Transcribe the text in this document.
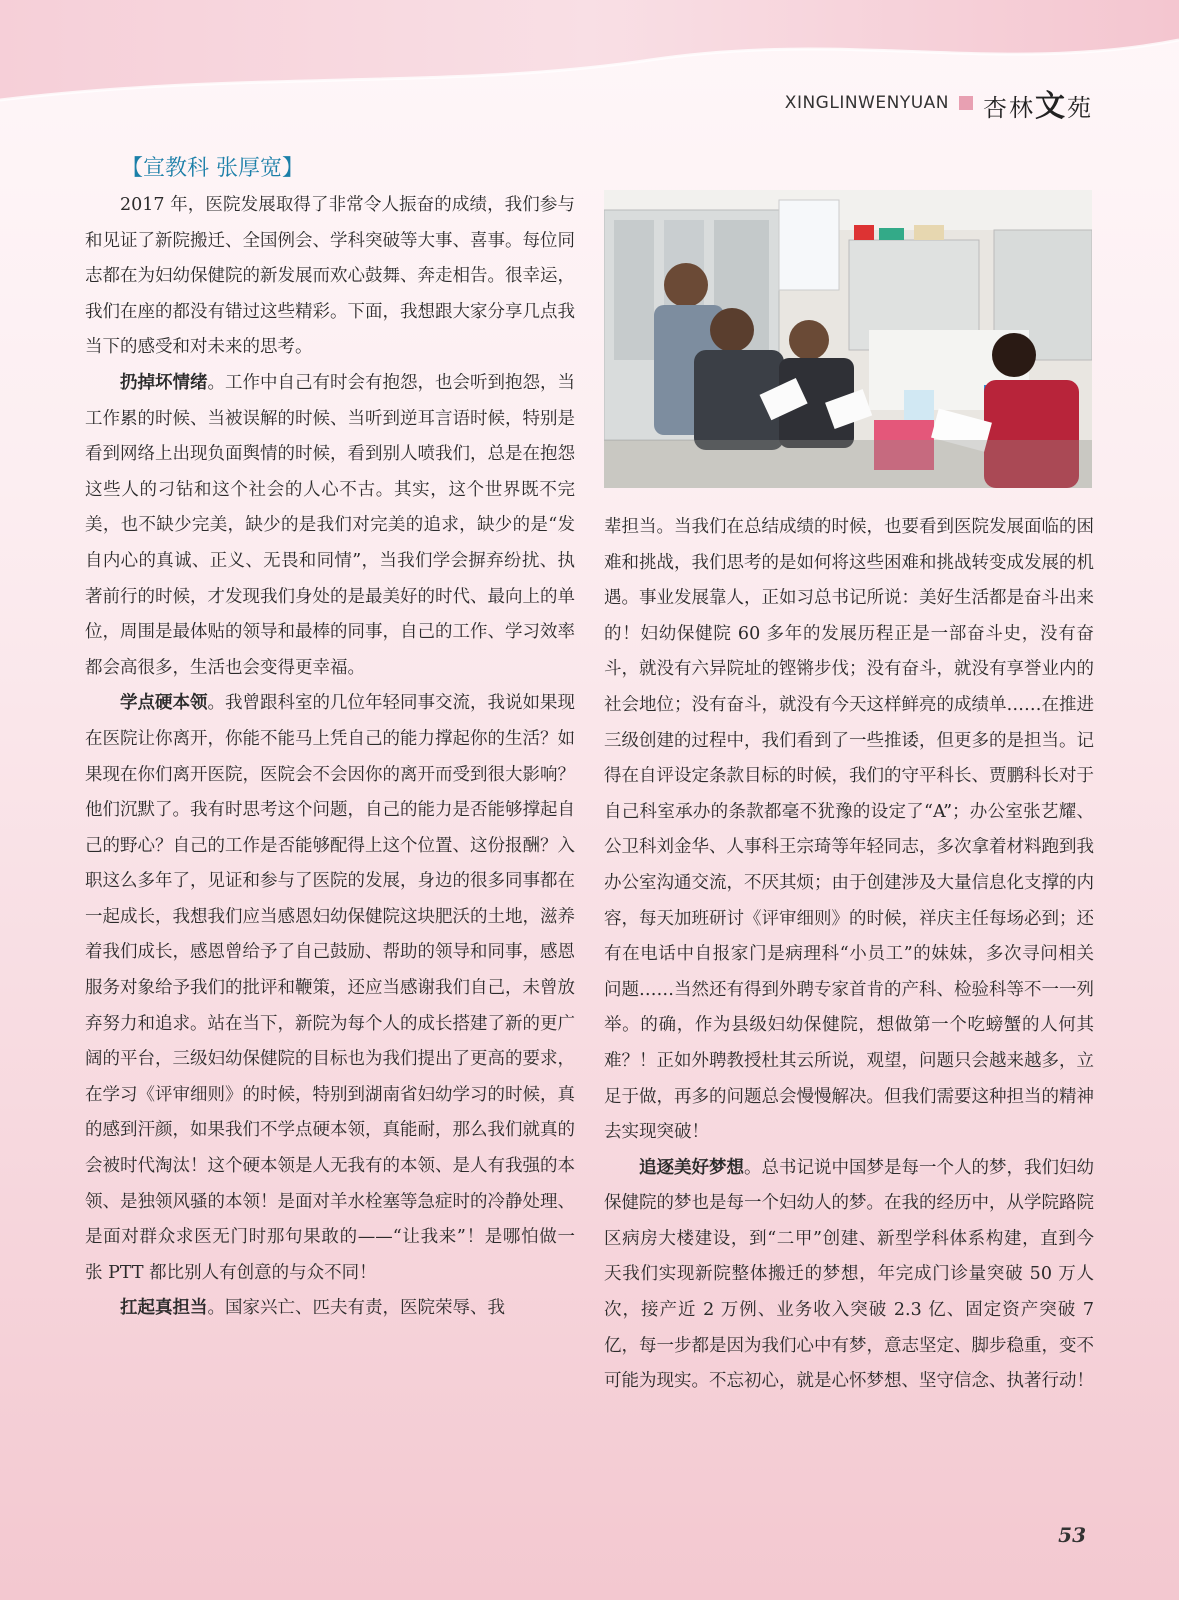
XINGLINWENYUAN 杏林文苑
【宣教科 张厚宽】

2017 年，医院发展取得了非常令人振奋的成绩，我们参与和见证了新院搬迁、全国例会、学科突破等大事、喜事。每位同志都在为妇幼保健院的新发展而欢心鼓舞、奔走相告。很幸运，我们在座的都没有错过这些精彩。下面，我想跟大家分享几点我当下的感受和对未来的思考。

扔掉坏情绪。工作中自己有时会有抱怨，也会听到抱怨，当工作累的时候、当被误解的时候、当听到逆耳言语时候，特别是看到网络上出现负面舆情的时候，看到别人喷我们，总是在抱怨这些人的刁钻和这个社会的人心不古。其实，这个世界既不完美，也不缺少完美，缺少的是我们对完美的追求，缺少的是“发自内心的真诚、正义、无畏和同情”，当我们学会摒弃纷扰、执著前行的时候，才发现我们身处的是最美好的时代、最向上的单位，周围是最体贴的领导和最棒的同事，自己的工作、学习效率都会高很多，生活也会变得更幸福。

学点硬本领。我曾跟科室的几位年轻同事交流，我说如果现在医院让你离开，你能不能马上凭自己的能力撑起你的生活？如果现在你们离开医院，医院会不会因你的离开而受到很大影响？他们沉默了。我有时思考这个问题，自己的能力是否能够撑起自己的野心？自己的工作是否能够配得上这个位置、这份报酬？入职这么多年了，见证和参与了医院的发展，身边的很多同事都在一起成长，我想我们应当感恩妇幼保健院这块肥沃的土地，滋养着我们成长，感恩曾给予了自己鼓励、帮助的领导和同事，感恩服务对象给予我们的批评和鞭策，还应当感谢我们自己，未曾放弃努力和追求。站在当下，新院为每个人的成长搭建了新的更广阔的平台，三级妇幼保健院的目标也为我们提出了更高的要求，在学习《评审细则》的时候，特别到湖南省妇幼学习的时候，真的感到汗颜，如果我们不学点硬本领，真能耐，那么我们就真的会被时代淘汰！这个硬本领是人无我有的本领、是人有我强的本领、是独领风骚的本领！是面对羊水栓塞等急症时的冷静处理、是面对群众求医无门时那句果敢的——“让我来”！是哪怕做一张 PTT 都比别人有创意的与众不同！

扛起真担当。国家兴亡、匹夫有责，医院荣辱、我

辈担当。当我们在总结成绩的时候，也要看到医院发展面临的困难和挑战，我们思考的是如何将这些困难和挑战转变成发展的机遇。事业发展靠人，正如习总书记所说：美好生活都是奋斗出来的！妇幼保健院 60 多年的发展历程正是一部奋斗史，没有奋斗，就没有六异院址的铿锵步伐；没有奋斗，就没有享誉业内的社会地位；没有奋斗，就没有今天这样鲜亮的成绩单……在推进三级创建的过程中，我们看到了一些推诿，但更多的是担当。记得在自评设定条款目标的时候，我们的守平科长、贾鹏科长对于自己科室承办的条款都毫不犹豫的设定了“A”；办公室张艺耀、公卫科刘金华、人事科王宗琦等年轻同志，多次拿着材料跑到我办公室沟通交流，不厌其烦；由于创建涉及大量信息化支撑的内容，每天加班研讨《评审细则》的时候，祥庆主任每场必到；还有在电话中自报家门是病理科“小员工”的妹妹，多次寻问相关问题……当然还有得到外聘专家首肯的产科、检验科等不一一列举。的确，作为县级妇幼保健院，想做第一个吃螃蟹的人何其难？！正如外聘教授杜其云所说，观望，问题只会越来越多，立足于做，再多的问题总会慢慢解决。但我们需要这种担当的精神去实现突破！

追逐美好梦想。总书记说中国梦是每一个人的梦，我们妇幼保健院的梦也是每一个妇幼人的梦。在我的经历中，从学院路院区病房大楼建设，到“二甲”创建、新型学科体系构建，直到今天我们实现新院整体搬迁的梦想，年完成门诊量突破 50 万人次，接产近 2 万例、业务收入突破 2.3 亿、固定资产突破 7 亿，每一步都是因为我们心中有梦，意志坚定、脚步稳重，变不可能为现实。不忘初心，就是心怀梦想、坚守信念、执著行动！

53
